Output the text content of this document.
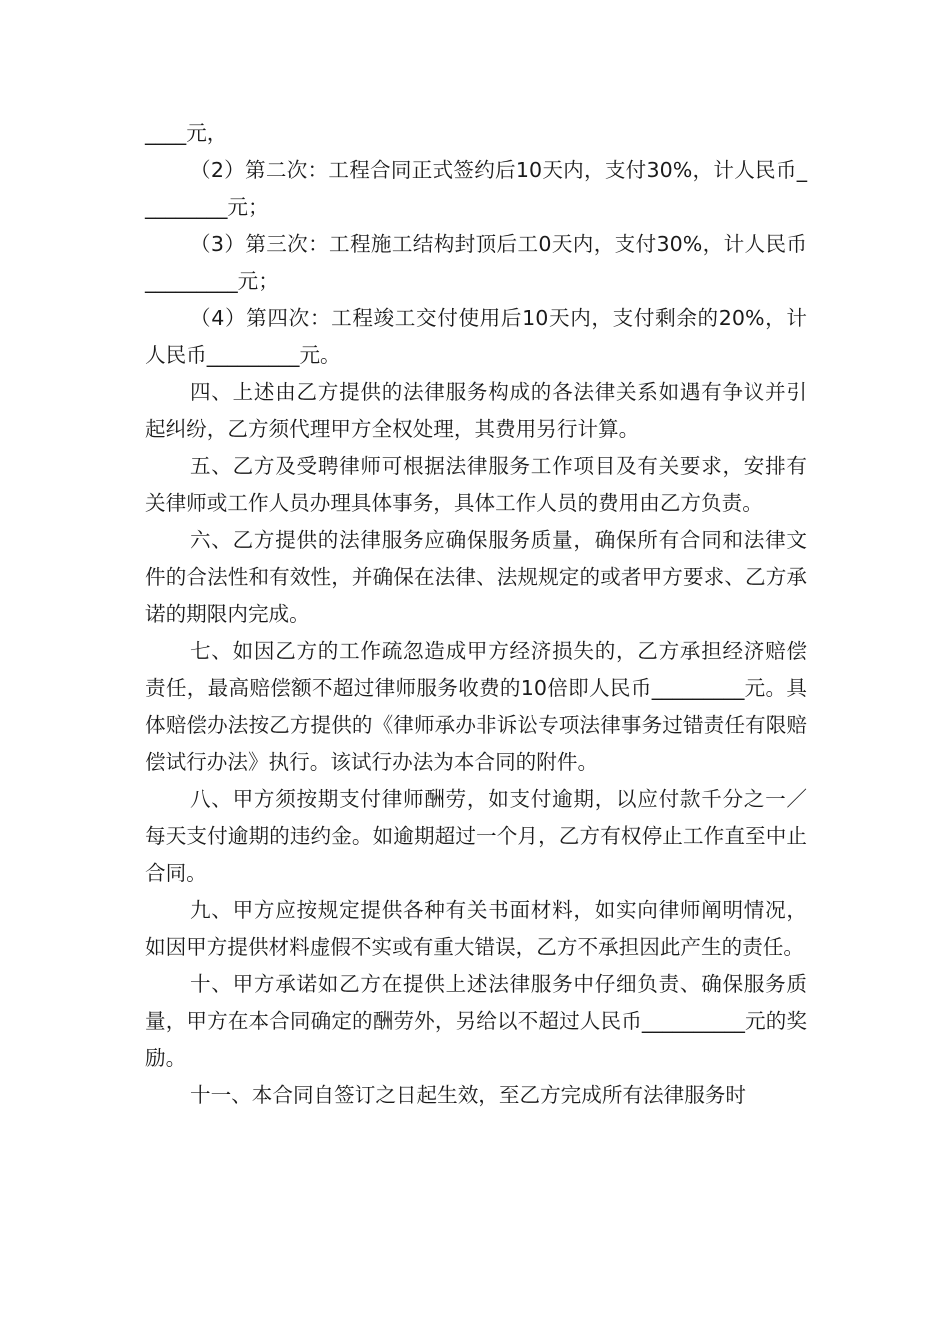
____元，

（2）第二次：工程合同正式签约后10天内，支付30%，计人民币_________元；

（3）第三次：工程施工结构封顶后工0天内，支付30%，计人民币_________元；

（4）第四次：工程竣工交付使用后10天内，支付剩余的20%，计人民币_________元。

四、上述由乙方提供的法律服务构成的各法律关系如遇有争议并引起纠纷，乙方须代理甲方全权处理，其费用另行计算。

五、乙方及受聘律师可根据法律服务工作项目及有关要求，安排有关律师或工作人员办理具体事务，具体工作人员的费用由乙方负责。

六、乙方提供的法律服务应确保服务质量，确保所有合同和法律文件的合法性和有效性，并确保在法律、法规规定的或者甲方要求、乙方承诺的期限内完成。

七、如因乙方的工作疏忽造成甲方经济损失的，乙方承担经济赔偿责任，最高赔偿额不超过律师服务收费的10倍即人民币_________元。具体赔偿办法按乙方提供的《律师承办非诉讼专项法律事务过错责任有限赔偿试行办法》执行。该试行办法为本合同的附件。

八、甲方须按期支付律师酬劳，如支付逾期，以应付款千分之一／每天支付逾期的违约金。如逾期超过一个月，乙方有权停止工作直至中止合同。

九、甲方应按规定提供各种有关书面材料，如实向律师阐明情况，如因甲方提供材料虚假不实或有重大错误，乙方不承担因此产生的责任。

十、甲方承诺如乙方在提供上述法律服务中仔细负责、确保服务质量，甲方在本合同确定的酬劳外，另给以不超过人民币__________元的奖励。

十一、本合同自签订之日起生效，至乙方完成所有法律服务时
